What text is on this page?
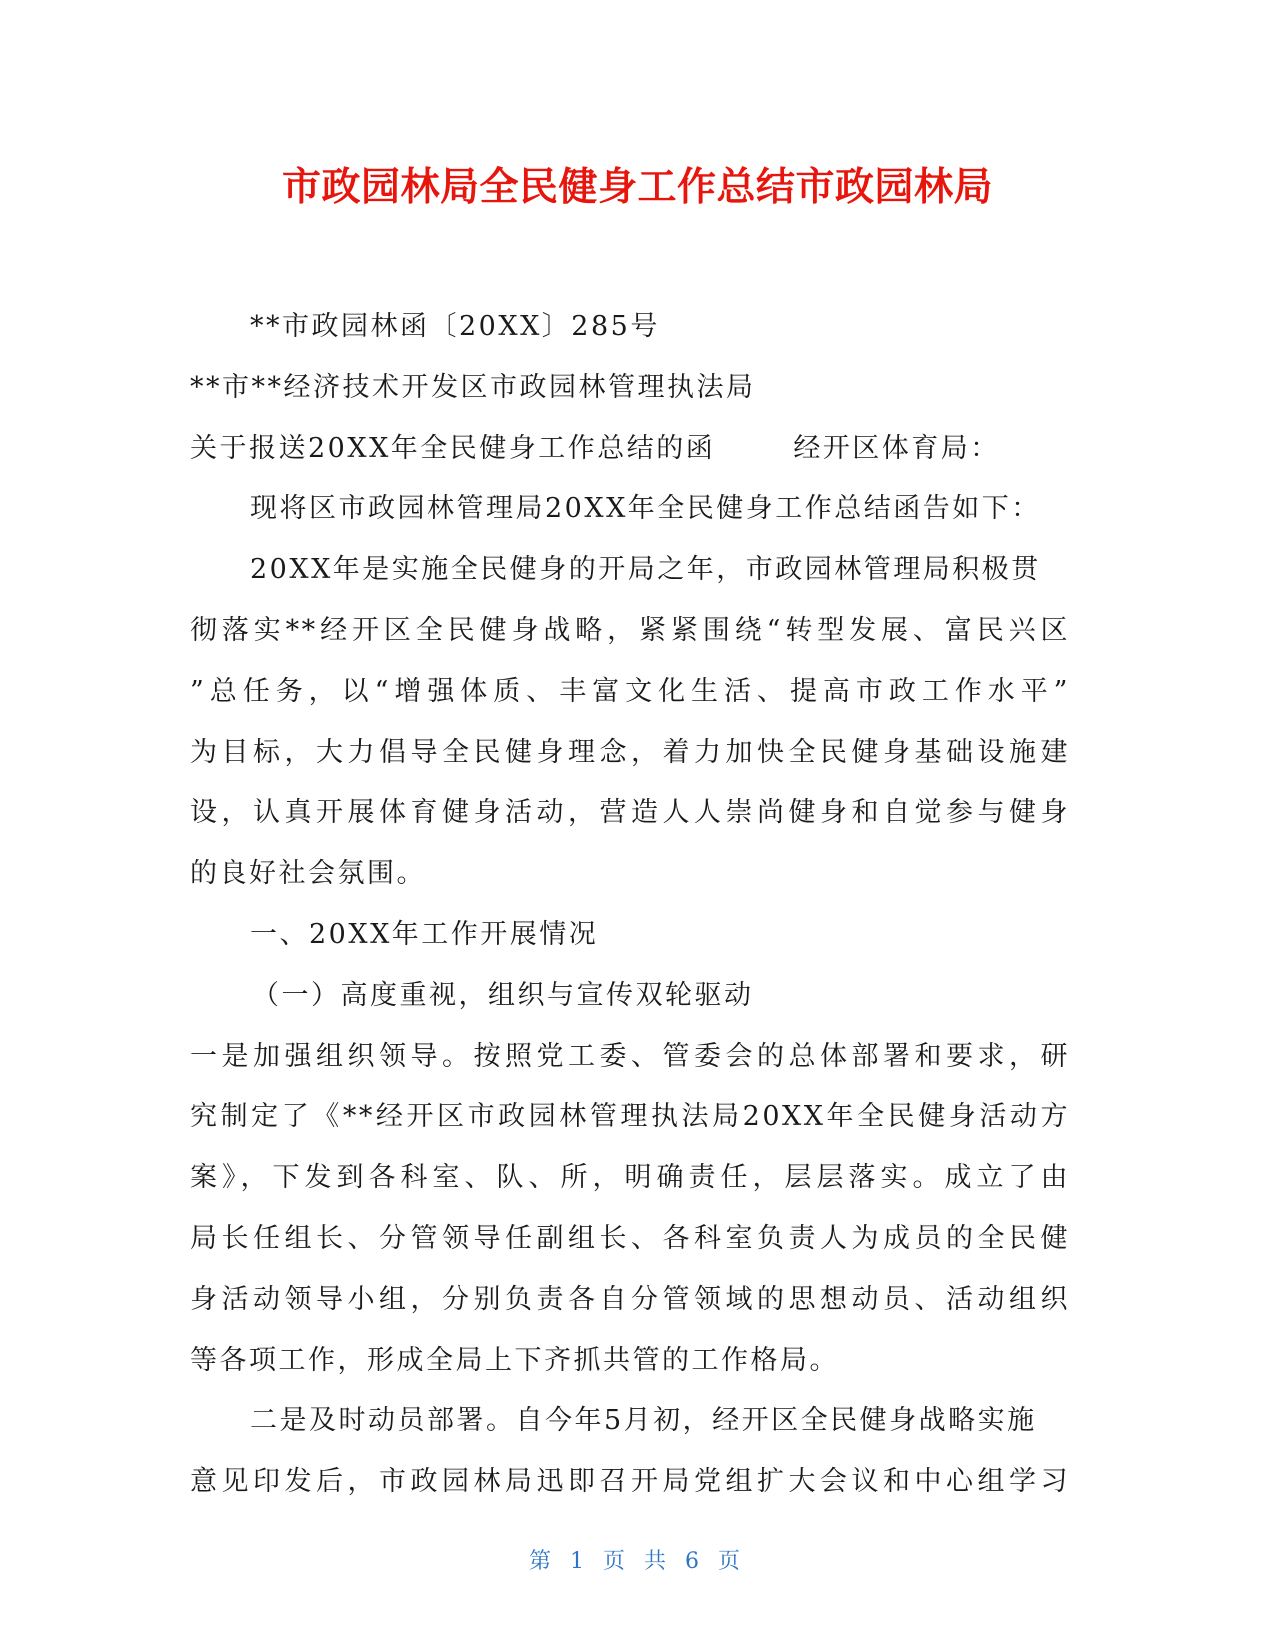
市政园林局全民健身工作总结市政园林局
**市政园林函〔20XX〕285号
**市**经济技术开发区市政园林管理执法局
关于报送20XX年全民健身工作总结的函	经开区体育局：
现将区市政园林管理局20XX年全民健身工作总结函告如下：
20XX年是实施全民健身的开局之年，市政园林管理局积极贯
彻落实**经开区全民健身战略，紧紧围绕“转型发展、富民兴区
”总任务，以“增强体质、丰富文化生活、提高市政工作水平”
为目标，大力倡导全民健身理念，着力加快全民健身基础设施建
设，认真开展体育健身活动，营造人人崇尚健身和自觉参与健身
的良好社会氛围。
一、20XX年工作开展情况
（一）高度重视，组织与宣传双轮驱动
一是加强组织领导。按照党工委、管委会的总体部署和要求，研
究制定了《**经开区市政园林管理执法局20XX年全民健身活动方
案》，下发到各科室、队、所，明确责任，层层落实。成立了由
局长任组长、分管领导任副组长、各科室负责人为成员的全民健
身活动领导小组，分别负责各自分管领域的思想动员、活动组织
等各项工作，形成全局上下齐抓共管的工作格局。
二是及时动员部署。自今年5月初，经开区全民健身战略实施
意见印发后，市政园林局迅即召开局党组扩大会议和中心组学习
第 1 页 共 6 页
